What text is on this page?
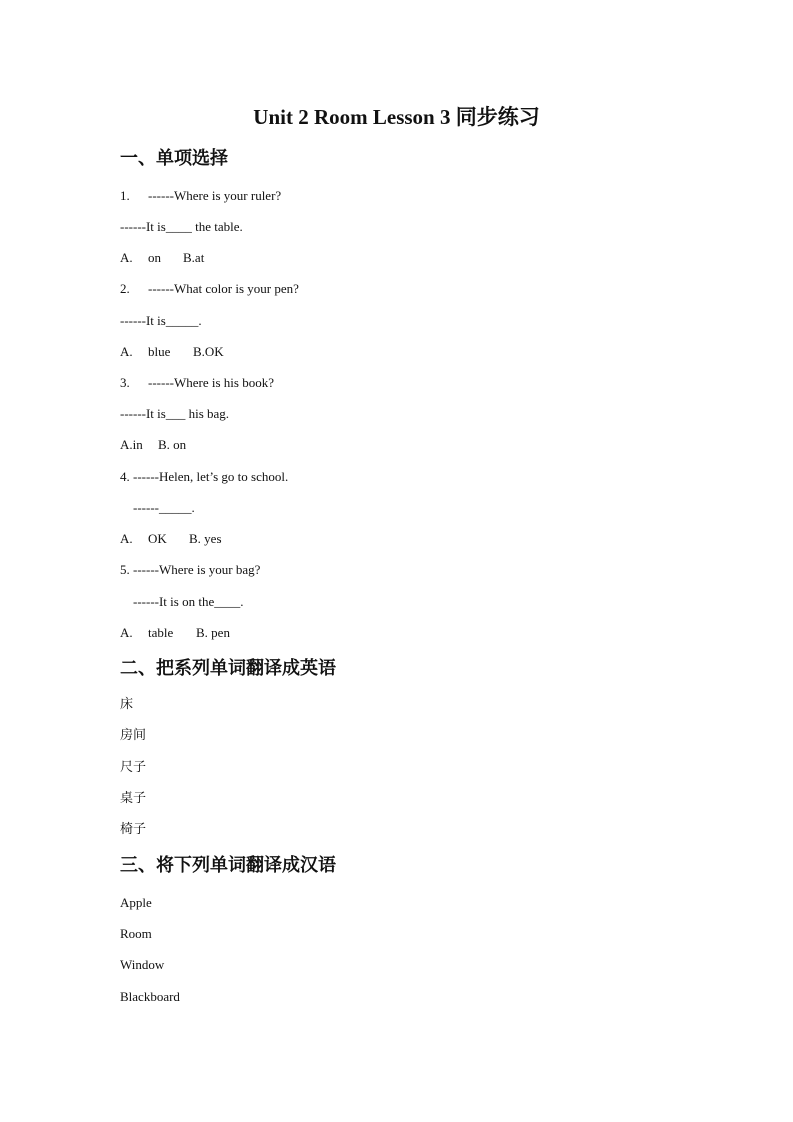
Unit 2 Room Lesson 3 同步练习
一、单项选择
1. ------Where is your ruler?
------It is____ the table.
A. on B.at
2. ------What color is your pen?
------It is_____.
A. blue B.OK
3. ------Where is his book?
------It is___ his bag.
A.in B. on
4. ------Helen, let’s go to school.
------_____.
A. OK B. yes
5. ------Where is your bag?
------It is on the____.
A. table B. pen
二、把系列单词翻译成英语
床
房间
尺子
桌子
椅子
三、将下列单词翻译成汉语
Apple
Room
Window
Blackboard
